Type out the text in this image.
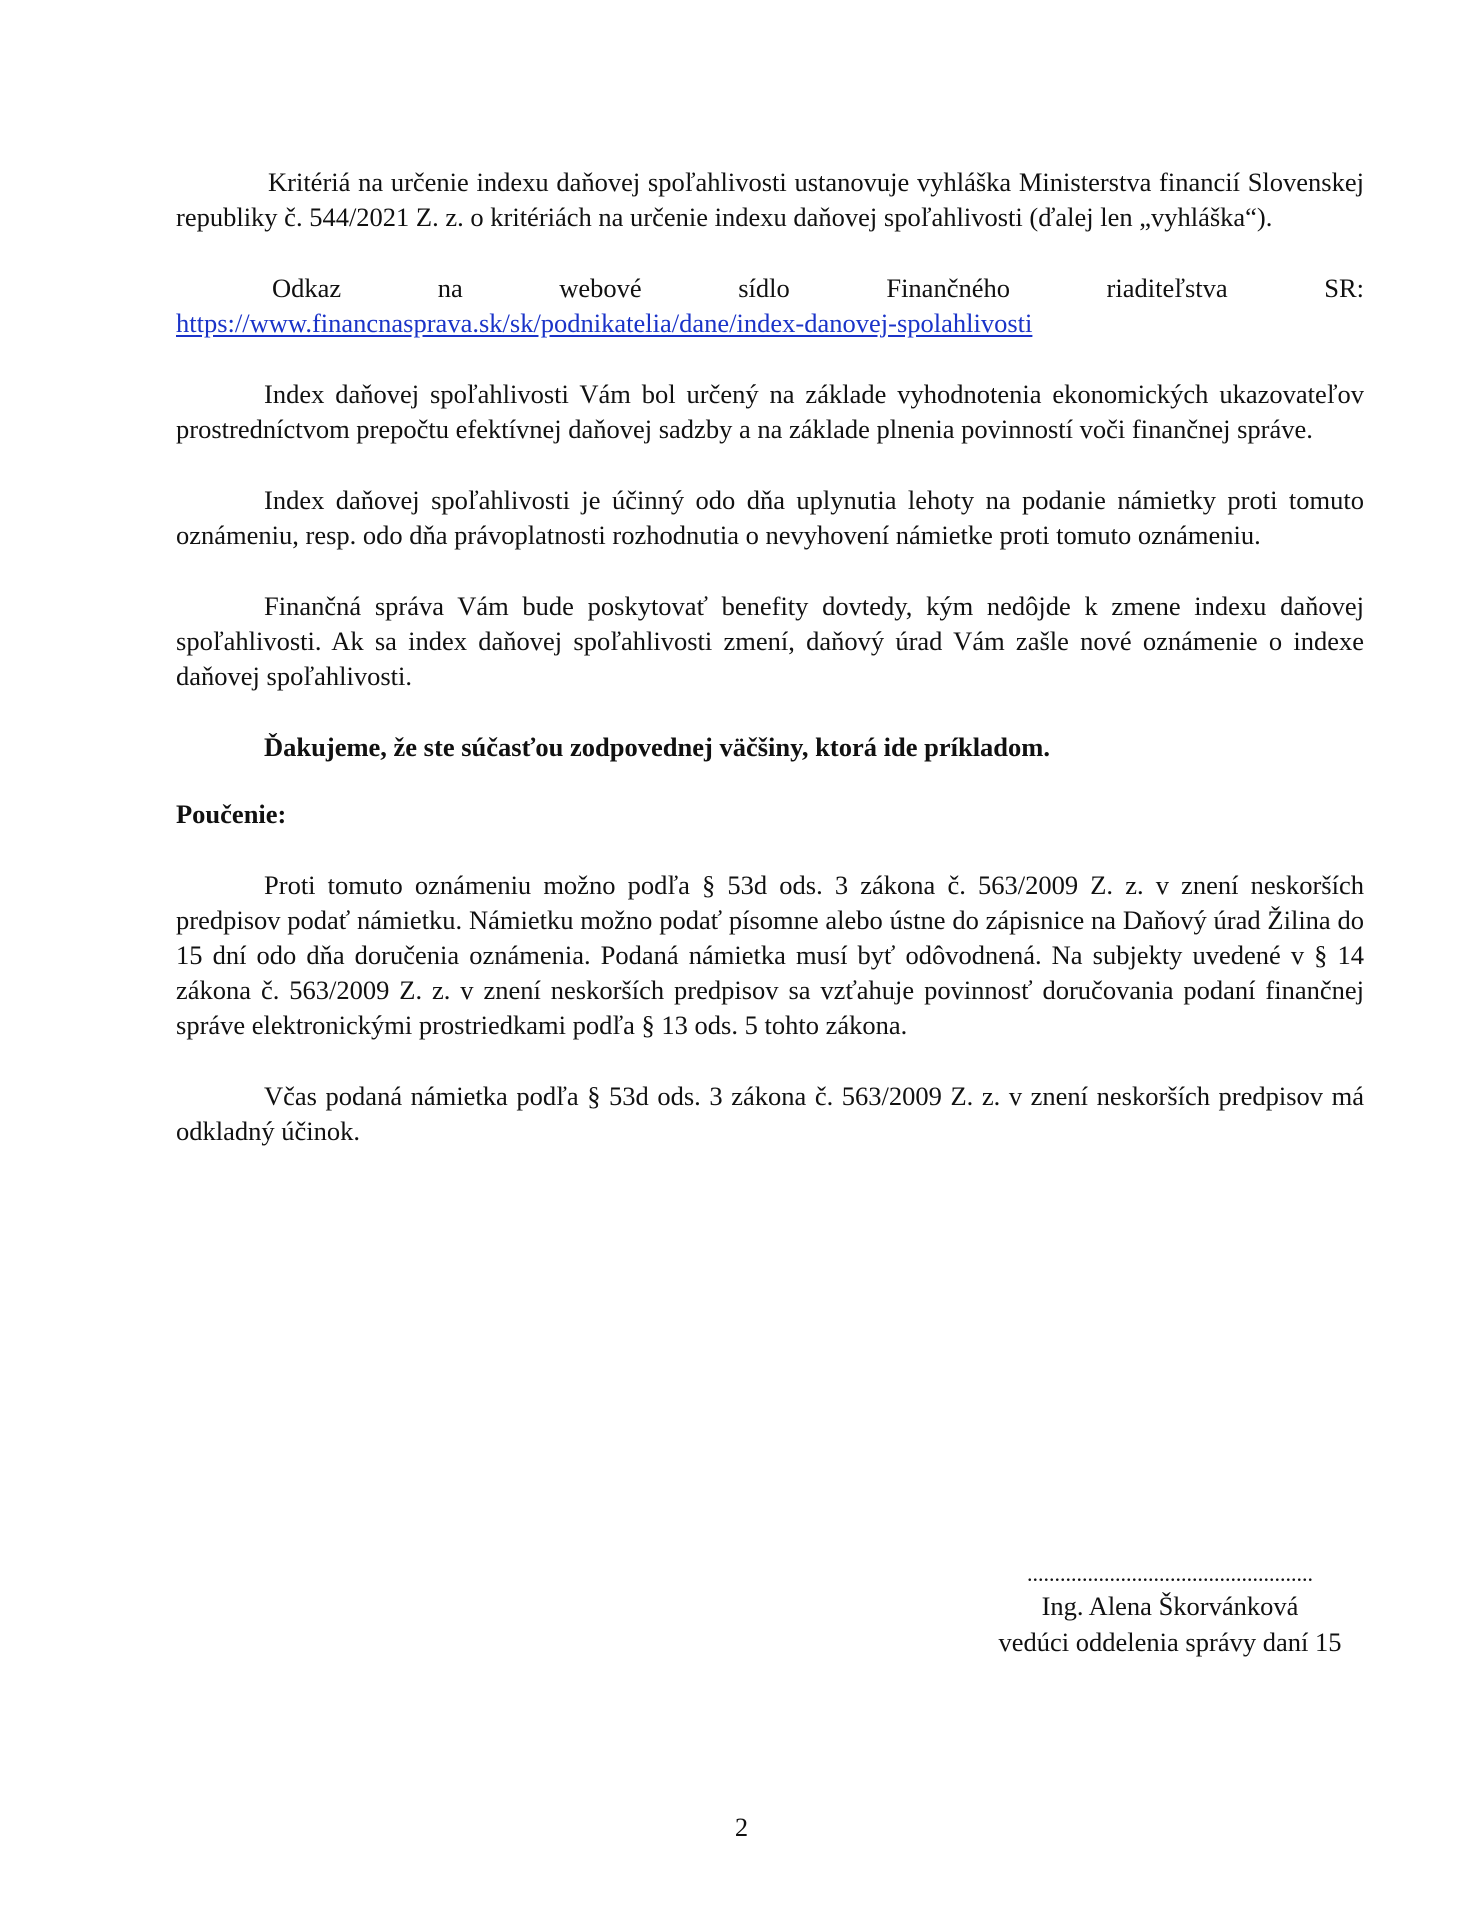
Kritériá na určenie indexu daňovej spoľahlivosti ustanovuje vyhláška Ministerstva financií Slovenskej republiky č. 544/2021 Z. z. o kritériách na určenie indexu daňovej spoľahlivosti (ďalej len „vyhláška“).

Odkaz na webové sídlo Finančného riaditeľstva SR: https://www.financnasprava.sk/sk/podnikatelia/dane/index-danovej-spolahlivosti

Index daňovej spoľahlivosti Vám bol určený na základe vyhodnotenia ekonomických ukazovateľov prostredníctvom prepočtu efektívnej daňovej sadzby a na základe plnenia povinností voči finančnej správe.

Index daňovej spoľahlivosti je účinný odo dňa uplynutia lehoty na podanie námietky proti tomuto oznámeniu, resp. odo dňa právoplatnosti rozhodnutia o nevyhovení námietke proti tomuto oznámeniu.

Finančná správa Vám bude poskytovať benefity dovtedy, kým nedôjde k zmene indexu daňovej spoľahlivosti. Ak sa index daňovej spoľahlivosti zmení, daňový úrad Vám zašle nové oznámenie o indexe daňovej spoľahlivosti.

Ďakujeme, že ste súčasťou zodpovednej väčšiny, ktorá ide príkladom.

Poučenie:

Proti tomuto oznámeniu možno podľa § 53d ods. 3 zákona č. 563/2009 Z. z. v znení neskorších predpisov podať námietku. Námietku možno podať písomne alebo ústne do zápisnice na Daňový úrad Žilina do 15 dní odo dňa doručenia oznámenia. Podaná námietka musí byť odôvodnená. Na subjekty uvedené v § 14 zákona č. 563/2009 Z. z. v znení neskorších predpisov sa vzťahuje povinnosť doručovania podaní finančnej správe elektronickými prostriedkami podľa § 13 ods. 5 tohto zákona.

Včas podaná námietka podľa § 53d ods. 3 zákona č. 563/2009 Z. z. v znení neskorších predpisov má odkladný účinok.

....................................................
Ing. Alena Škorvánková
vedúci oddelenia správy daní 15
2
